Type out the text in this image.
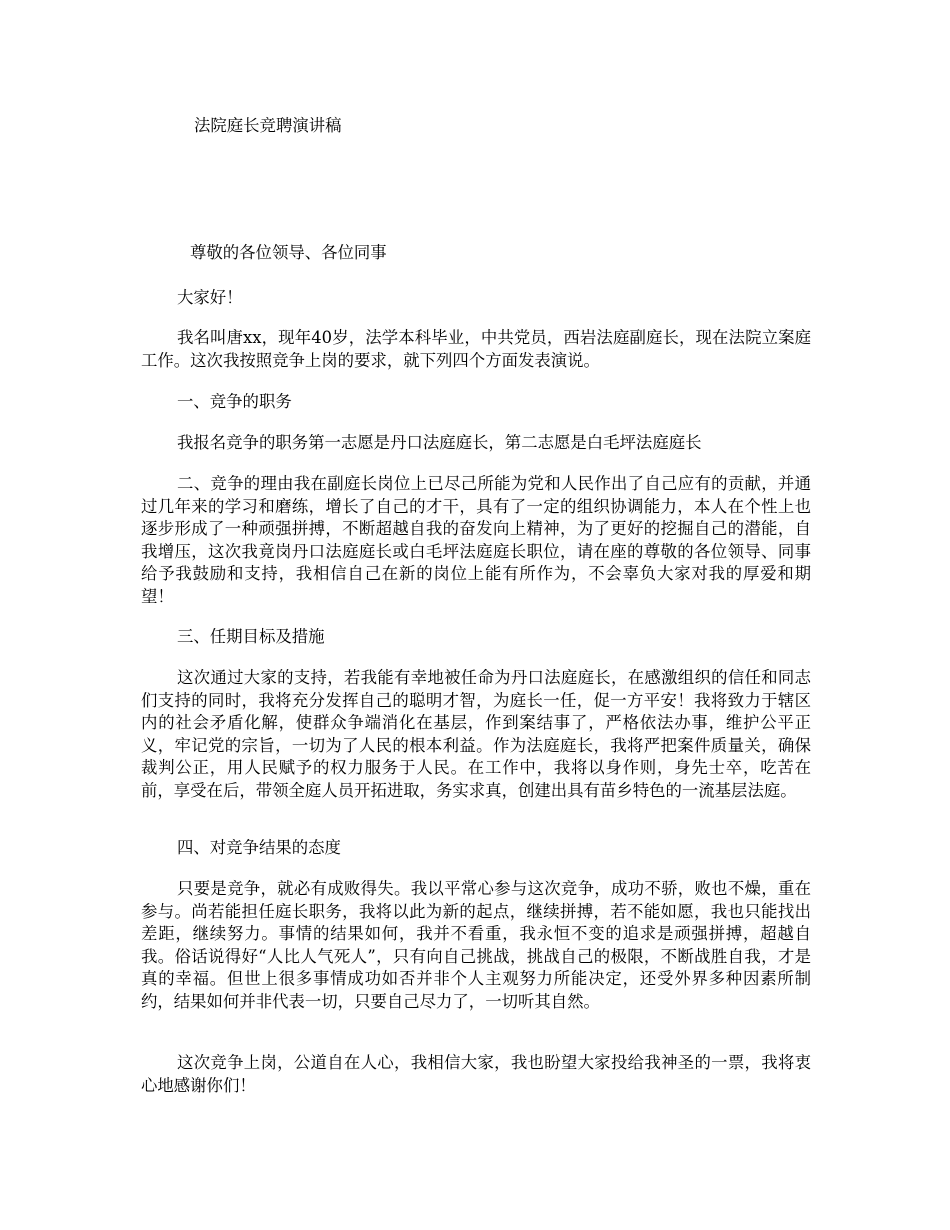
法院庭长竞聘演讲稿
尊敬的各位领导、各位同事

大家好！

我名叫唐xx，现年40岁，法学本科毕业，中共党员，西岩法庭副庭长，现在法院立案庭工作。这次我按照竞争上岗的要求，就下列四个方面发表演说。

一、竞争的职务

我报名竞争的职务第一志愿是丹口法庭庭长，第二志愿是白毛坪法庭庭长

二、竞争的理由我在副庭长岗位上已尽己所能为党和人民作出了自己应有的贡献，并通过几年来的学习和磨练，增长了自己的才干，具有了一定的组织协调能力，本人在个性上也逐步形成了一种顽强拼搏，不断超越自我的奋发向上精神，为了更好的挖掘自己的潜能，自我增压，这次我竟岗丹口法庭庭长或白毛坪法庭庭长职位，请在座的尊敬的各位领导、同事给予我鼓励和支持，我相信自己在新的岗位上能有所作为，不会辜负大家对我的厚爱和期望！

三、任期目标及措施

这次通过大家的支持，若我能有幸地被任命为丹口法庭庭长，在感激组织的信任和同志们支持的同时，我将充分发挥自己的聪明才智，为庭长一任，促一方平安！我将致力于辖区内的社会矛盾化解，使群众争端消化在基层，作到案结事了，严格依法办事，维护公平正义，牢记党的宗旨，一切为了人民的根本利益。作为法庭庭长，我将严把案件质量关，确保裁判公正，用人民赋予的权力服务于人民。在工作中，我将以身作则，身先士卒，吃苦在前，享受在后，带领全庭人员开拓进取，务实求真，创建出具有苗乡特色的一流基层法庭。

四、对竞争结果的态度

只要是竞争，就必有成败得失。我以平常心参与这次竞争，成功不骄，败也不燥，重在参与。尚若能担任庭长职务，我将以此为新的起点，继续拼搏，若不能如愿，我也只能找出差距，继续努力。事情的结果如何，我并不看重，我永恒不变的追求是顽强拼搏，超越自我。俗话说得好“人比人气死人”，只有向自己挑战，挑战自己的极限，不断战胜自我，才是真的幸福。但世上很多事情成功如否并非个人主观努力所能决定，还受外界多种因素所制约，结果如何并非代表一切，只要自己尽力了，一切听其自然。

这次竞争上岗，公道自在人心，我相信大家，我也盼望大家投给我神圣的一票，我将衷心地感谢你们！
